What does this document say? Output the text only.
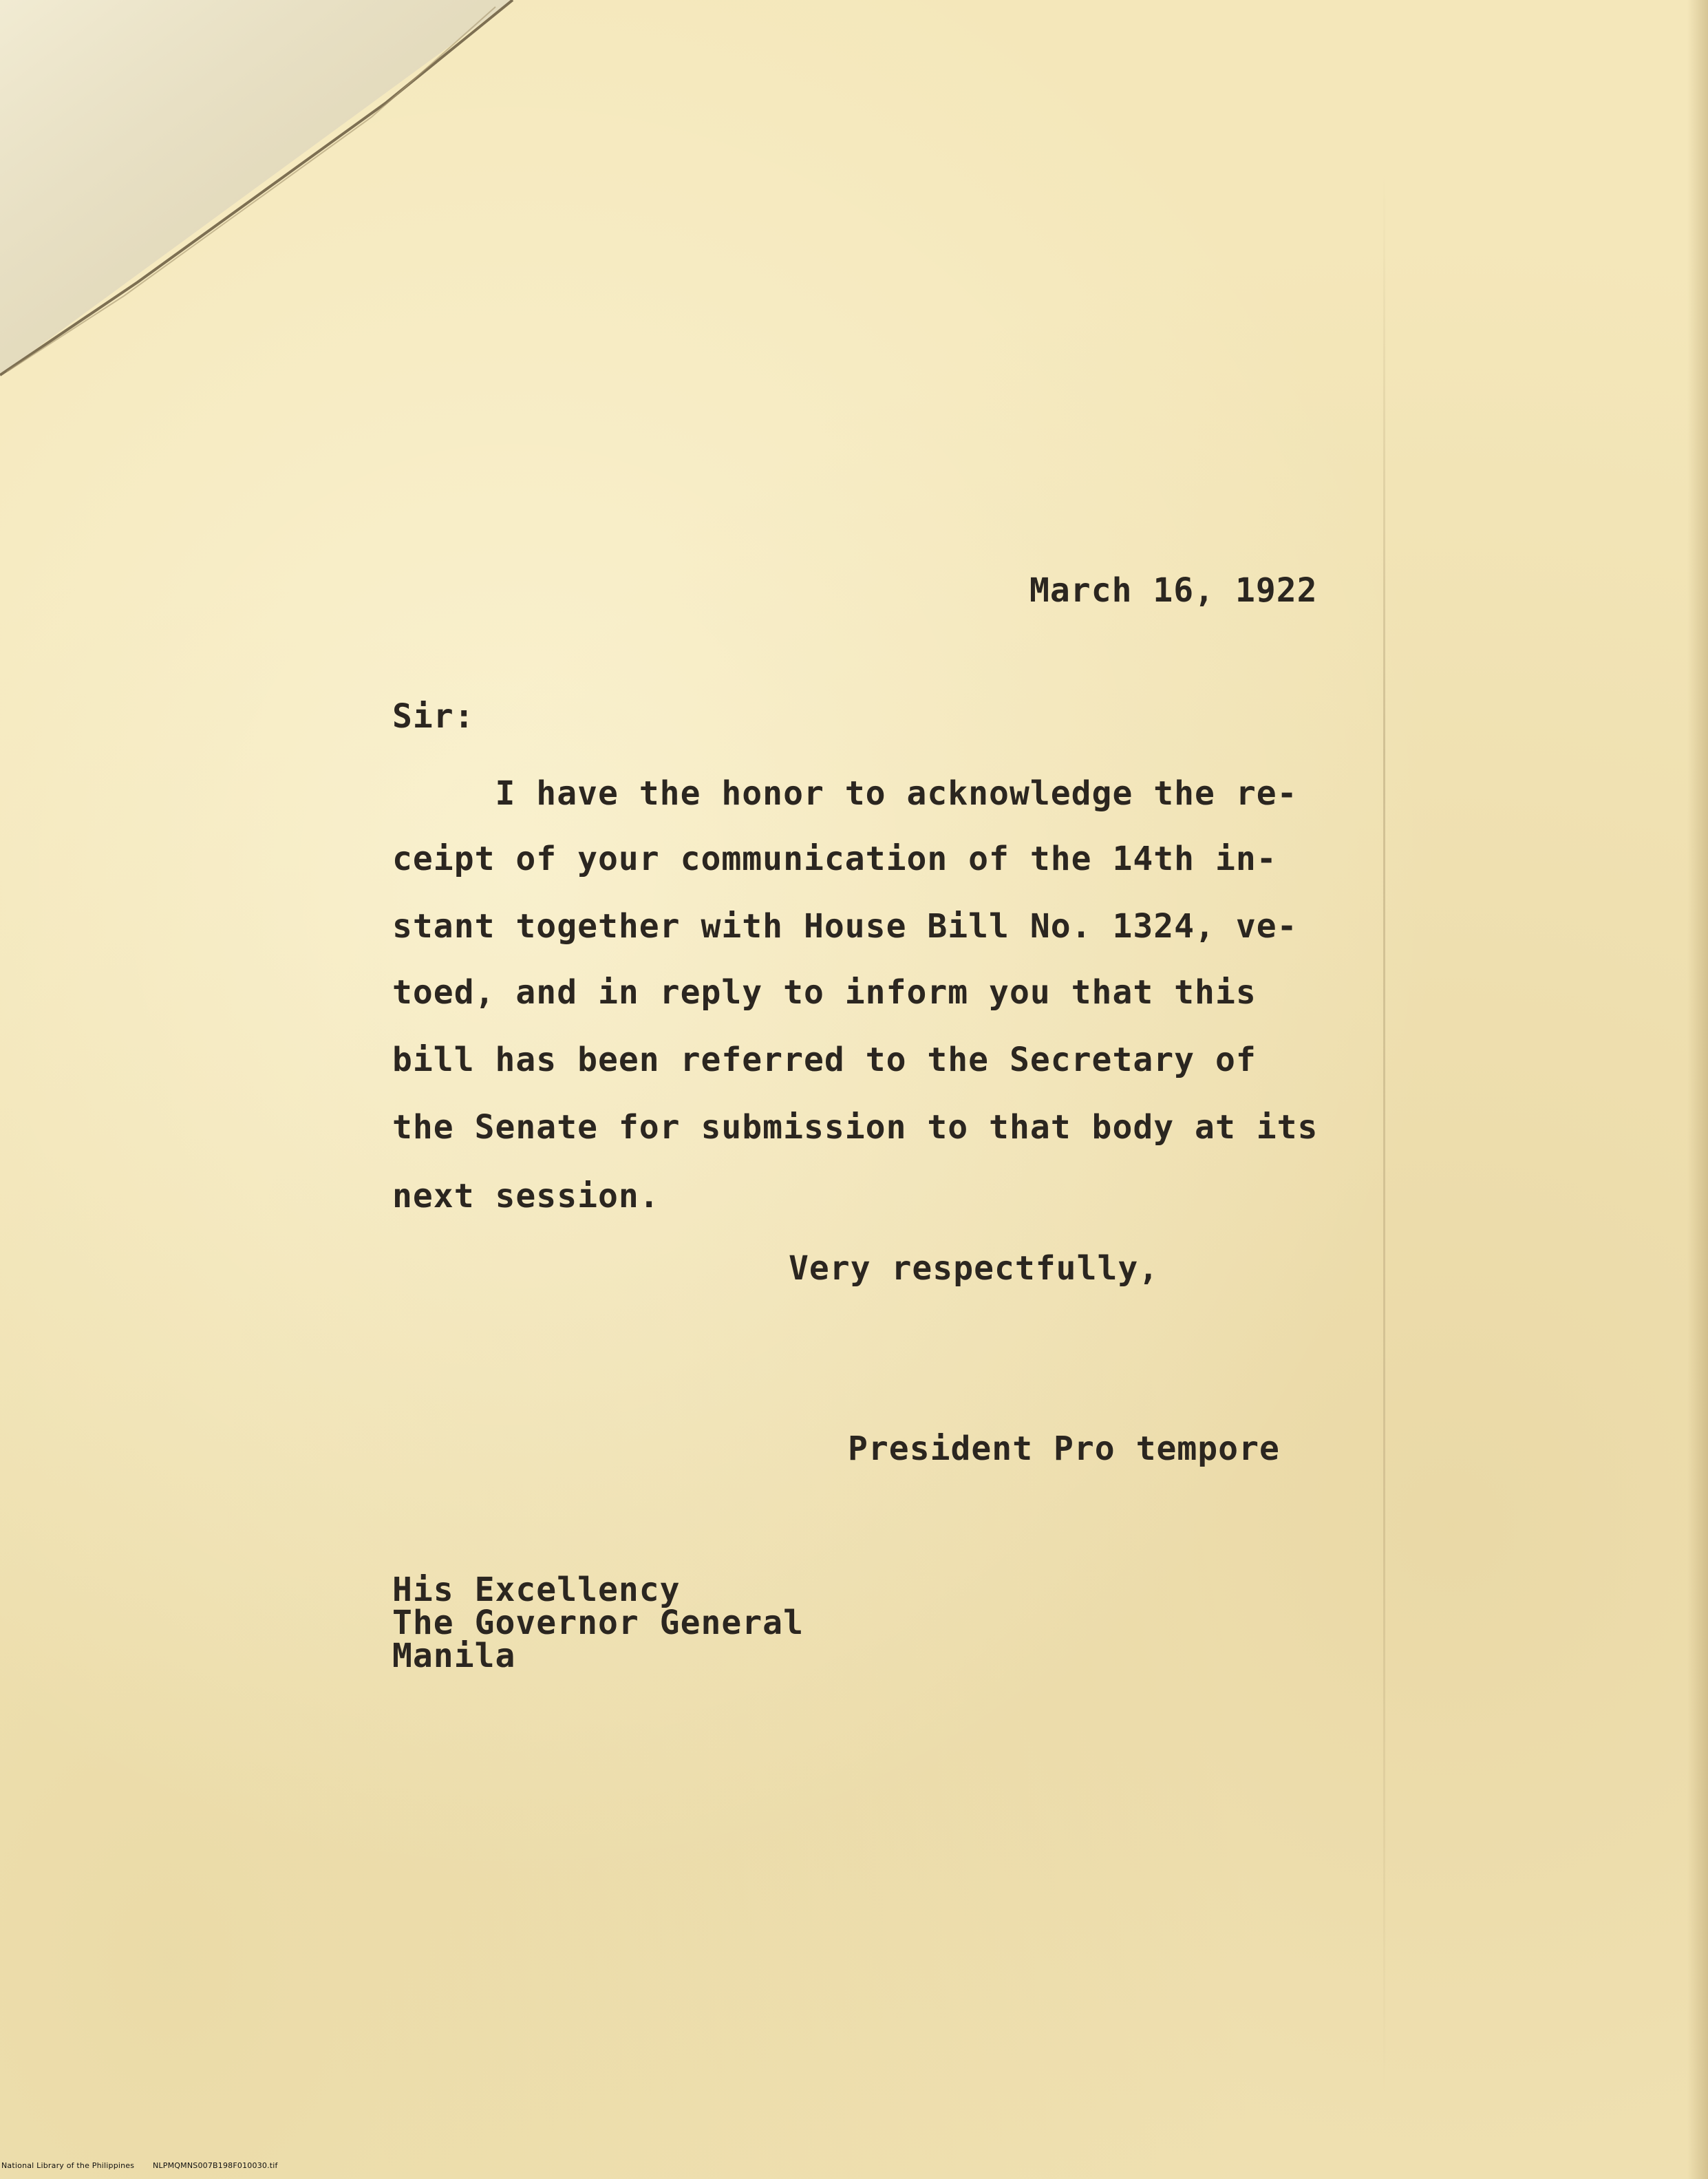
March 16, 1922
Sir:
I have the honor to acknowledge the re-
ceipt of your communication of the 14th in-
stant together with House Bill No. 1324, ve-
toed, and in reply to inform you that this
bill has been referred to the Secretary of
the Senate for submission to that body at its
next session.
Very respectfully,
President Pro tempore
His Excellency
The Governor General
Manila
National Library of the Philippines NLPMQMNS007B198F010030.tif
